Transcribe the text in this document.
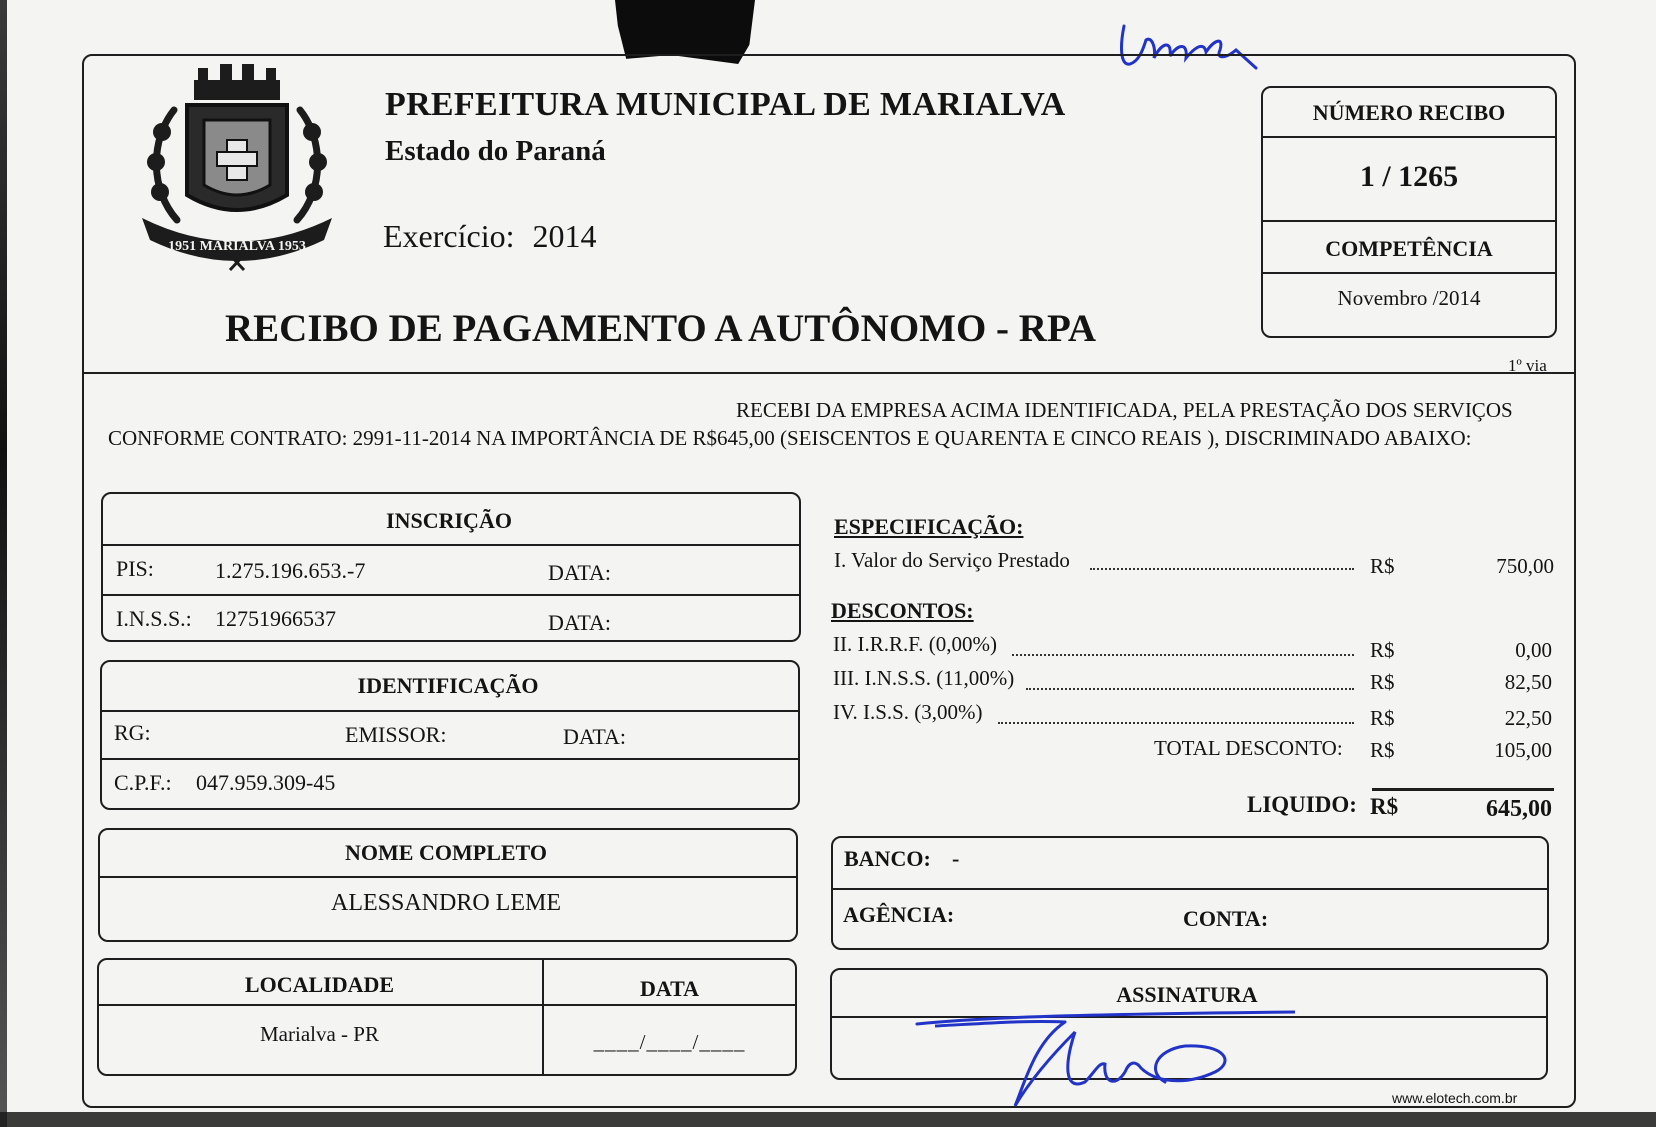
1951 MARIALVA 1953
PREFEITURA MUNICIPAL DE MARIALVA
Estado do Paraná
Exercício: 2014
RECIBO DE PAGAMENTO A AUTÔNOMO - RPA
NÚMERO RECIBO
1 / 1265
COMPETÊNCIA
Novembro /2014
1º via
RECEBI DA EMPRESA ACIMA IDENTIFICADA, PELA PRESTAÇÃO DOS SERVIÇOS
CONFORME CONTRATO: 2991-11-2014 NA IMPORTÂNCIA DE R$645,00 (SEISCENTOS E QUARENTA E CINCO REAIS ), DISCRIMINADO ABAIXO:
INSCRIÇÃO
PIS:	1.275.196.653.-7	DATA:
I.N.S.S.: 12751966537	DATA:
IDENTIFICAÇÃO
RG:	EMISSOR:	DATA:
C.P.F.: 047.959.309-45
NOME COMPLETO
ALESSANDRO LEME
LOCALIDADE
Marialva - PR
DATA
____/____/____
ESPECIFICAÇÃO:
I. Valor do Serviço Prestado	R$	750,00
DESCONTOS:
II. I.R.R.F. (0,00%)	R$	0,00
III. I.N.S.S. (11,00%)	R$	82,50
IV. I.S.S. (3,00%)	R$	22,50
TOTAL DESCONTO: R$	105,00
LIQUIDO: R$	645,00
BANCO: -
AGÊNCIA:	CONTA:
ASSINATURA
www.elotech.com.br
